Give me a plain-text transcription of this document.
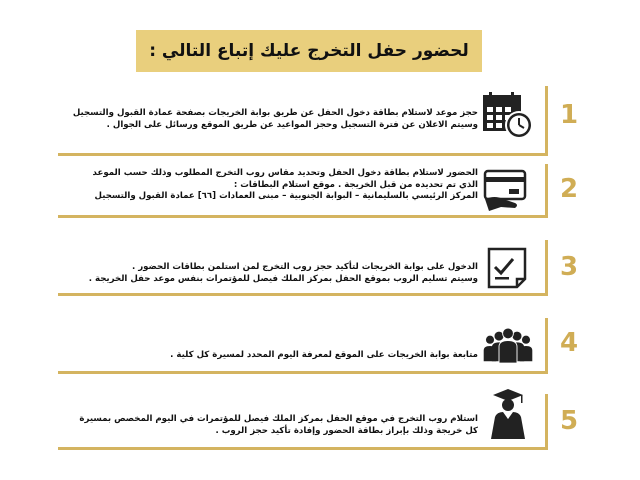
لحضور حفل التخرج عليك إتباع التالي :
حجز موعد لاستلام بطاقة دخول الحفل عن طريق بوابة الخريجات بصفحة عمادة القبول والتسجيل
وسيتم الاعلان عن فترة التسجيل وحجز المواعيد عن طريق الموقع ورسائل على الجوال .	1
الحضور لاستلام بطاقة دخول الحفل وتحديد مقاس روب التخرج المطلوب وذلك حسب الموعد
الذي تم تحديده من قبل الخريجة . موقع استلام البطاقات :
المركز الرئيسي بالسليمانية – البوابة الجنوبية – مبنى العمادات [٦٦] عمادة القبول والتسجيل	2
الدخول على بوابة الخريجات لتأكيد حجز روب التخرج لمن استلمن بطاقات الحضور .
وسيتم تسليم الروب بموقع الحفل بمركز الملك فيصل للمؤتمرات بنفس موعد حفل الخريجة .	3
متابعة بوابة الخريجات على الموقع لمعرفة اليوم المحدد لمسيرة كل كلية .	4
استلام روب التخرج في موقع الحفل بمركز الملك فيصل للمؤتمرات في اليوم المخصص بمسيرة
كل خريجة وذلك بإبراز بطاقة الحضور وإفادة تأكيد حجز الروب .	5
